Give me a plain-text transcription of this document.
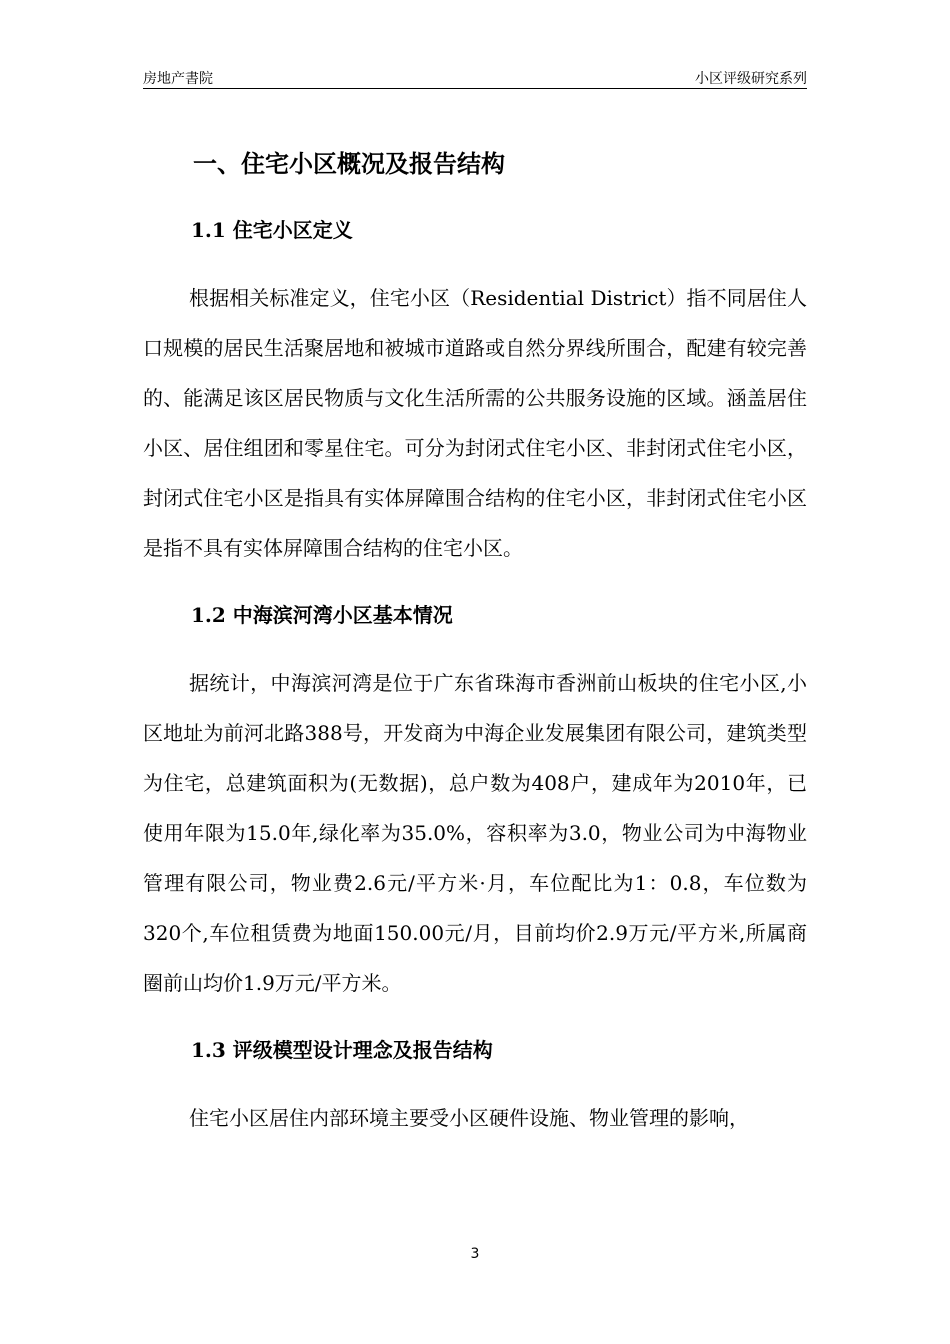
房地产書院	小区评级研究系列
一、住宅小区概况及报告结构
1.1 住宅小区定义

根据相关标准定义，住宅小区（Residential District）指不同居住人口规模的居民生活聚居地和被城市道路或自然分界线所围合，配建有较完善的、能满足该区居民物质与文化生活所需的公共服务设施的区域。涵盖居住小区、居住组团和零星住宅。可分为封闭式住宅小区、非封闭式住宅小区，封闭式住宅小区是指具有实体屏障围合结构的住宅小区，非封闭式住宅小区是指不具有实体屏障围合结构的住宅小区。

1.2 中海滨河湾小区基本情况

据统计，中海滨河湾是位于广东省珠海市香洲前山板块的住宅小区,小区地址为前河北路388号，开发商为中海企业发展集团有限公司，建筑类型为住宅，总建筑面积为(无数据)，总户数为408户，建成年为2010年，已使用年限为15.0年,绿化率为35.0%，容积率为3.0，物业公司为中海物业管理有限公司，物业费2.6元/平方米·月，车位配比为1：0.8，车位数为320个,车位租赁费为地面150.00元/月，目前均价2.9万元/平方米,所属商圈前山均价1.9万元/平方米。

1.3 评级模型设计理念及报告结构

住宅小区居住内部环境主要受小区硬件设施、物业管理的影响，

3
